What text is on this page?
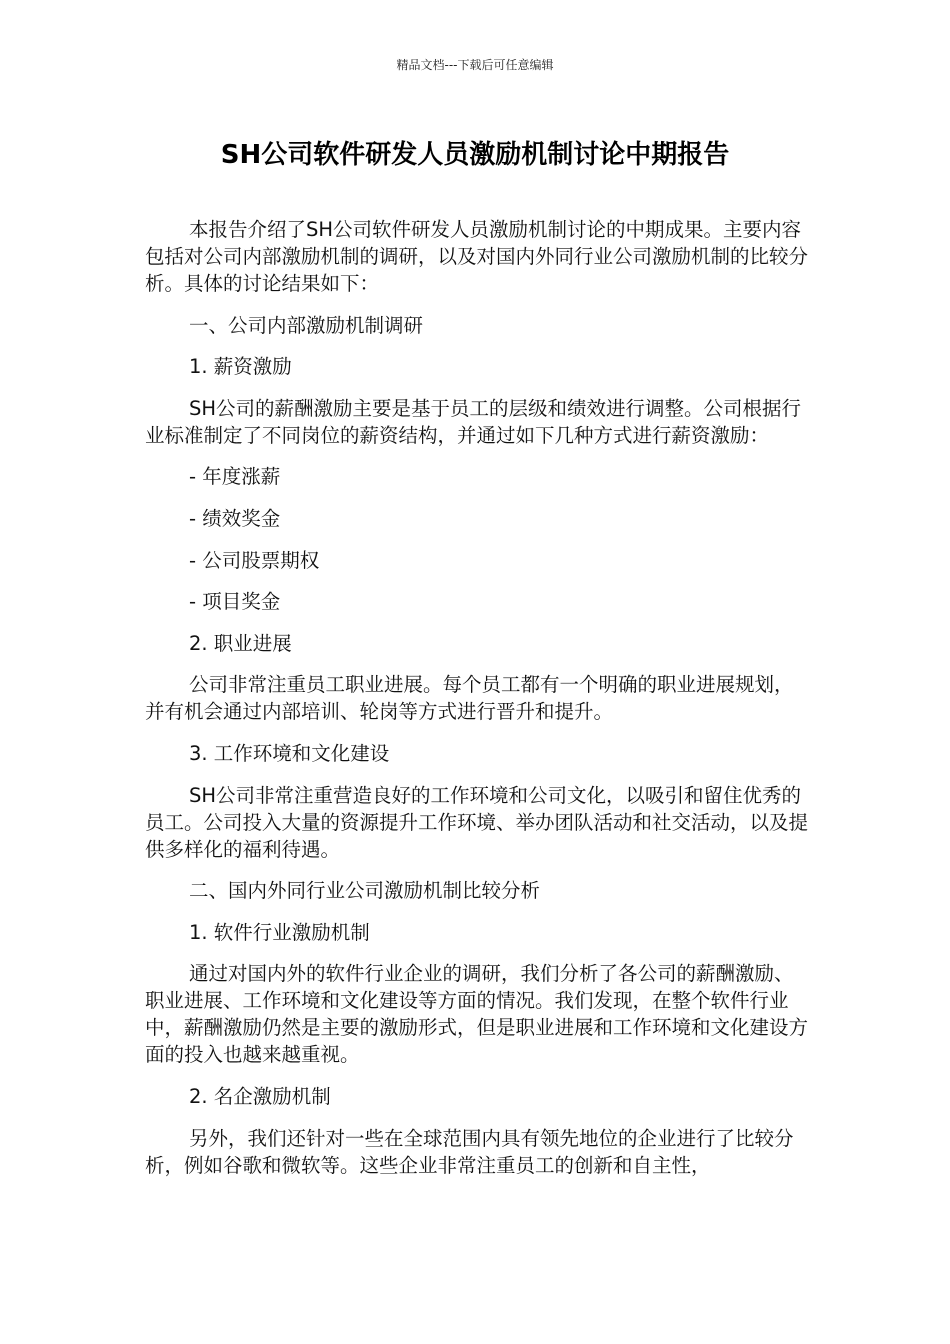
精品文档---下载后可任意编辑
SH公司软件研发人员激励机制讨论中期报告

本报告介绍了SH公司软件研发人员激励机制讨论的中期成果。主要内容包括对公司内部激励机制的调研，以及对国内外同行业公司激励机制的比较分析。具体的讨论结果如下：

一、公司内部激励机制调研

1. 薪资激励

SH公司的薪酬激励主要是基于员工的层级和绩效进行调整。公司根据行业标准制定了不同岗位的薪资结构，并通过如下几种方式进行薪资激励：

- 年度涨薪

- 绩效奖金

- 公司股票期权

- 项目奖金

2. 职业进展

公司非常注重员工职业进展。每个员工都有一个明确的职业进展规划，并有机会通过内部培训、轮岗等方式进行晋升和提升。

3. 工作环境和文化建设

SH公司非常注重营造良好的工作环境和公司文化，以吸引和留住优秀的员工。公司投入大量的资源提升工作环境、举办团队活动和社交活动，以及提供多样化的福利待遇。

二、国内外同行业公司激励机制比较分析

1. 软件行业激励机制

通过对国内外的软件行业企业的调研，我们分析了各公司的薪酬激励、职业进展、工作环境和文化建设等方面的情况。我们发现，在整个软件行业中，薪酬激励仍然是主要的激励形式，但是职业进展和工作环境和文化建设方面的投入也越来越重视。

2. 名企激励机制

另外，我们还针对一些在全球范围内具有领先地位的企业进行了比较分析，例如谷歌和微软等。这些企业非常注重员工的创新和自主性，
